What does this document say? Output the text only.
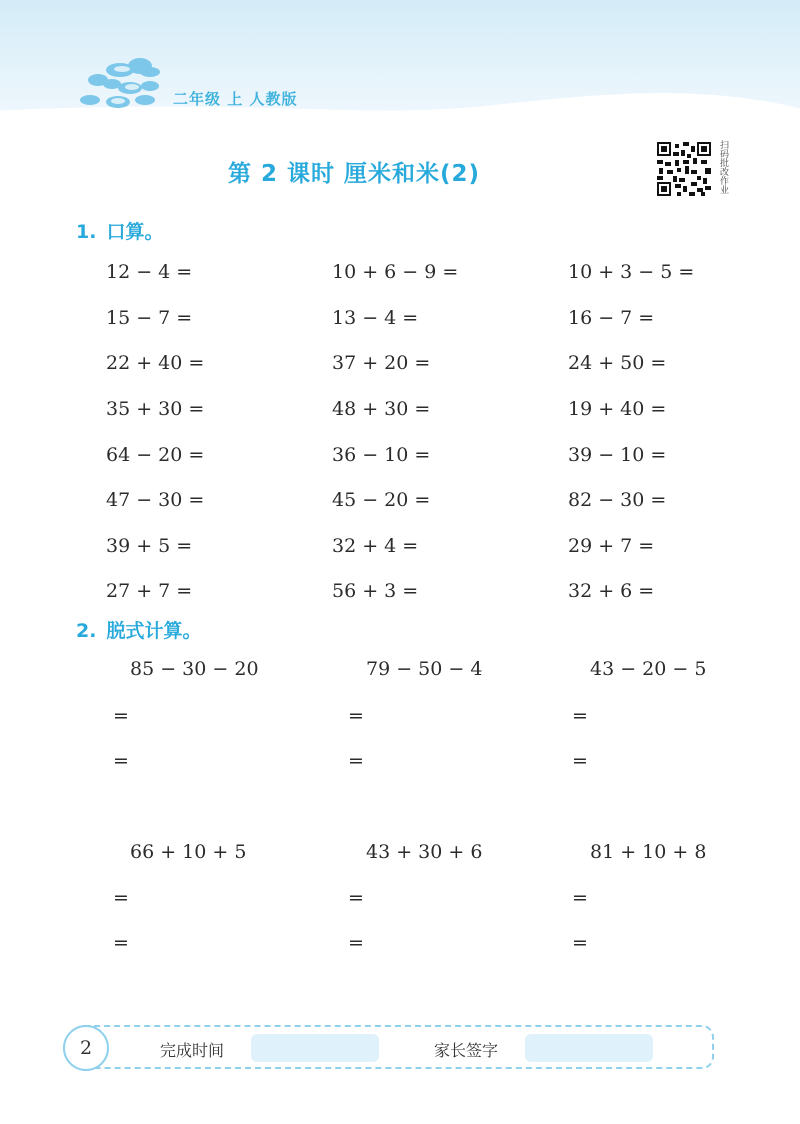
二年级 上 人教版
第 2 课时 厘米和米(2)	扫码批改作业
1. 口算。
12 − 4 =	10 + 6 − 9 =	10 + 3 − 5 =
15 − 7 =	13 − 4 =	16 − 7 =
22 + 40 =	37 + 20 =	24 + 50 =
35 + 30 =	48 + 30 =	19 + 40 =
64 − 20 =	36 − 10 =	39 − 10 =
47 − 30 =	45 − 20 =	82 − 30 =
39 + 5 =	32 + 4 =	29 + 7 =
27 + 7 =	56 + 3 =	32 + 6 =
2. 脱式计算。
85 − 30 − 20	79 − 50 − 4	43 − 20 − 5
=	=	=
=	=	=
66 + 10 + 5	43 + 30 + 6	81 + 10 + 8
=	=	=
=	=	=
2	完成时间	家长签字
